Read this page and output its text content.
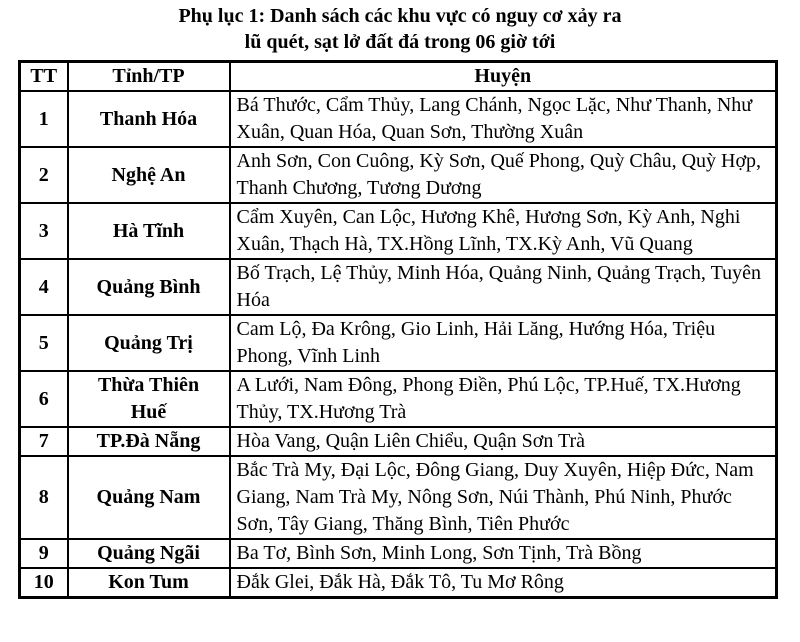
Phụ lục 1: Danh sách các khu vực có nguy cơ xảy ra
lũ quét, sạt lở đất đá trong 06 giờ tới
TT	Tỉnh/TP	Huyện
1	Thanh Hóa	Bá Thước, Cẩm Thủy, Lang Chánh, Ngọc Lặc, Như Thanh, Như Xuân, Quan Hóa, Quan Sơn, Thường Xuân
2	Nghệ An	Anh Sơn, Con Cuông, Kỳ Sơn, Quế Phong, Quỳ Châu, Quỳ Hợp, Thanh Chương, Tương Dương
3	Hà Tĩnh	Cẩm Xuyên, Can Lộc, Hương Khê, Hương Sơn, Kỳ Anh, Nghi Xuân, Thạch Hà, TX.Hồng Lĩnh, TX.Kỳ Anh, Vũ Quang
4	Quảng Bình	Bố Trạch, Lệ Thủy, Minh Hóa, Quảng Ninh, Quảng Trạch, Tuyên Hóa
5	Quảng Trị	Cam Lộ, Đa Krông, Gio Linh, Hải Lăng, Hướng Hóa, Triệu Phong, Vĩnh Linh
6	Thừa Thiên Huế	A Lưới, Nam Đông, Phong Điền, Phú Lộc, TP.Huế, TX.Hương Thủy, TX.Hương Trà
7	TP.Đà Nẵng	Hòa Vang, Quận Liên Chiểu, Quận Sơn Trà
8	Quảng Nam	Bắc Trà My, Đại Lộc, Đông Giang, Duy Xuyên, Hiệp Đức, Nam Giang, Nam Trà My, Nông Sơn, Núi Thành, Phú Ninh, Phước Sơn, Tây Giang, Thăng Bình, Tiên Phước
9	Quảng Ngãi	Ba Tơ, Bình Sơn, Minh Long, Sơn Tịnh, Trà Bồng
10	Kon Tum	Đắk Glei, Đắk Hà, Đắk Tô, Tu Mơ Rông
